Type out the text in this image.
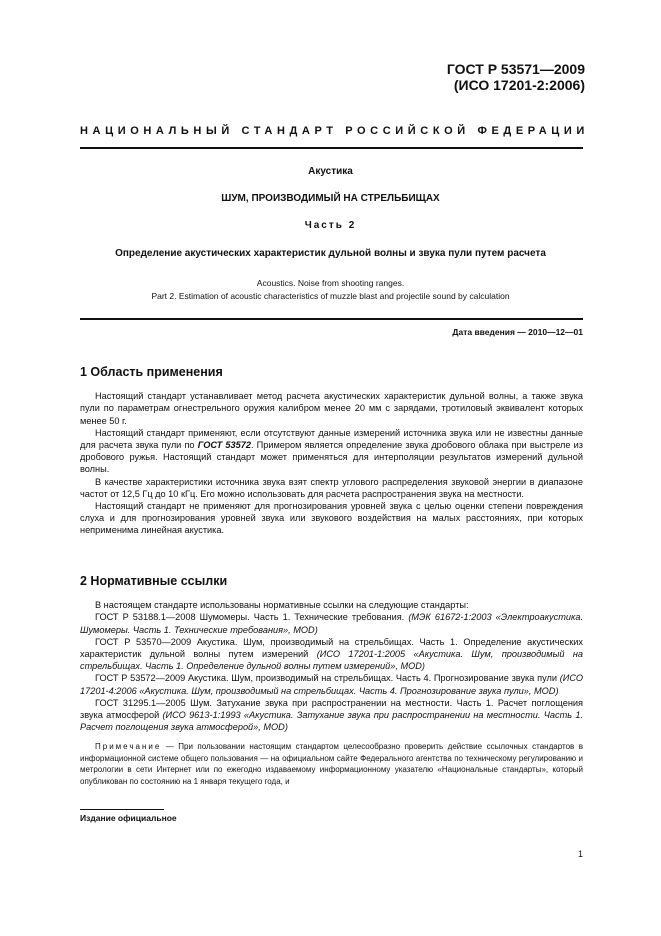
ГОСТ Р 53571—2009
(ИСО 17201-2:2006)
НАЦИОНАЛЬНЫЙ СТАНДАРТ РОССИЙСКОЙ ФЕДЕРАЦИИ
Акустика
ШУМ, ПРОИЗВОДИМЫЙ НА СТРЕЛЬБИЩАХ
Часть 2
Определение акустических характеристик дульной волны и звука пули путем расчета
Acoustics. Noise from shooting ranges.
Part 2. Estimation of acoustic characteristics of muzzle blast and projectile sound by calculation
Дата введения — 2010—12—01
1 Область применения

Настоящий стандарт устанавливает метод расчета акустических характеристик дульной волны, а также звука пули по параметрам огнестрельного оружия калибром менее 20 мм с зарядами, тротиловый эквивалент которых менее 50 г.

Настоящий стандарт применяют, если отсутствуют данные измерений источника звука или не известны данные для расчета звука пули по ГОСТ 53572. Примером является определение звука дробового облака при выстреле из дробового ружья. Настоящий стандарт может применяться для интерполяции результатов измерений дульной волны.

В качестве характеристики источника звука взят спектр углового распределения звуковой энергии в диапазоне частот от 12,5 Гц до 10 кГц. Его можно использовать для расчета распространения звука на местности.

Настоящий стандарт не применяют для прогнозирования уровней звука с целью оценки степени повреждения слуха и для прогнозирования уровней звука или звукового воздействия на малых расстояниях, при которых неприменима линейная акустика.

2 Нормативные ссылки

В настоящем стандарте использованы нормативные ссылки на следующие стандарты:

ГОСТ Р 53188.1—2008 Шумомеры. Часть 1. Технические требования. (МЭК 61672-1:2003 «Электроакустика. Шумомеры. Часть 1. Технические требования», MOD)

ГОСТ Р 53570—2009 Акустика. Шум, производимый на стрельбищах. Часть 1. Определение акустических характеристик дульной волны путем измерений (ИСО 17201-1:2005 «Акустика. Шум, производимый на стрельбищах. Часть 1. Определение дульной волны путем измерений», MOD)

ГОСТ Р 53572—2009 Акустика. Шум, производимый на стрельбищах. Часть 4. Прогнозирование звука пули (ИСО 17201-4:2006 «Акустика. Шум, производимый на стрельбищах. Часть 4. Прогнозирование звука пули», MOD)

ГОСТ 31295.1—2005 Шум. Затухание звука при распространении на местности. Часть 1. Расчет поглощения звука атмосферой (ИСО 9613-1:1993 «Акустика. Затухание звука при распространении на местности. Часть 1. Расчет поглощения звука атмосферой», MOD)

Примечание — При пользовании настоящим стандартом целесообразно проверить действие ссылочных стандартов в информационной системе общего пользования — на официальном сайте Федерального агентства по техническому регулированию и метрологии в сети Интернет или по ежегодно издаваемому информационному указателю «Национальные стандарты», который опубликован по состоянию на 1 января текущего года, и

Издание официальное
1
